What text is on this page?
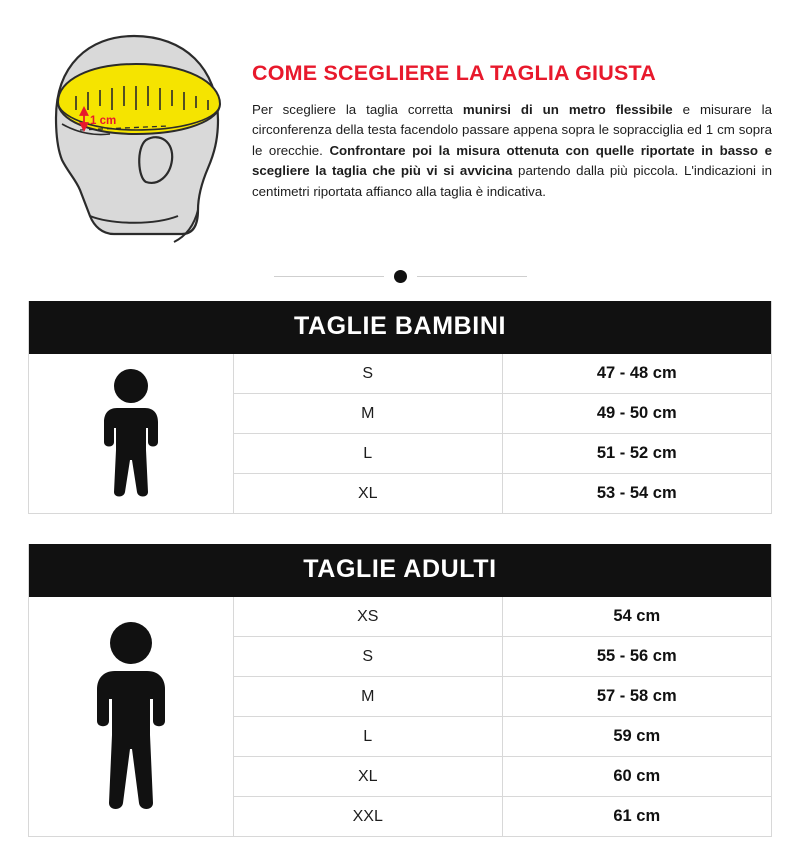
1 cm
COME SCEGLIERE LA TAGLIA GIUSTA

Per scegliere la taglia corretta munirsi di un metro flessibile e misurare la circonferenza della testa facendolo passare appena sopra le sopracciglia ed 1 cm sopra le orecchie. Confrontare poi la misura ottenuta con quelle riportate in basso e scegliere la taglia che più vi si avvicina partendo dalla più piccola. L'indicazioni in centimetri riportata affianco alla taglia è indicativa.

TAGLIE BAMBINI
S	47 - 48 cm
M	49 - 50 cm
L	51 - 52 cm
XL	53 - 54 cm
TAGLIE ADULTI
XS	54 cm
S	55 - 56 cm
M	57 - 58 cm
L	59 cm
XL	60 cm
XXL	61 cm
